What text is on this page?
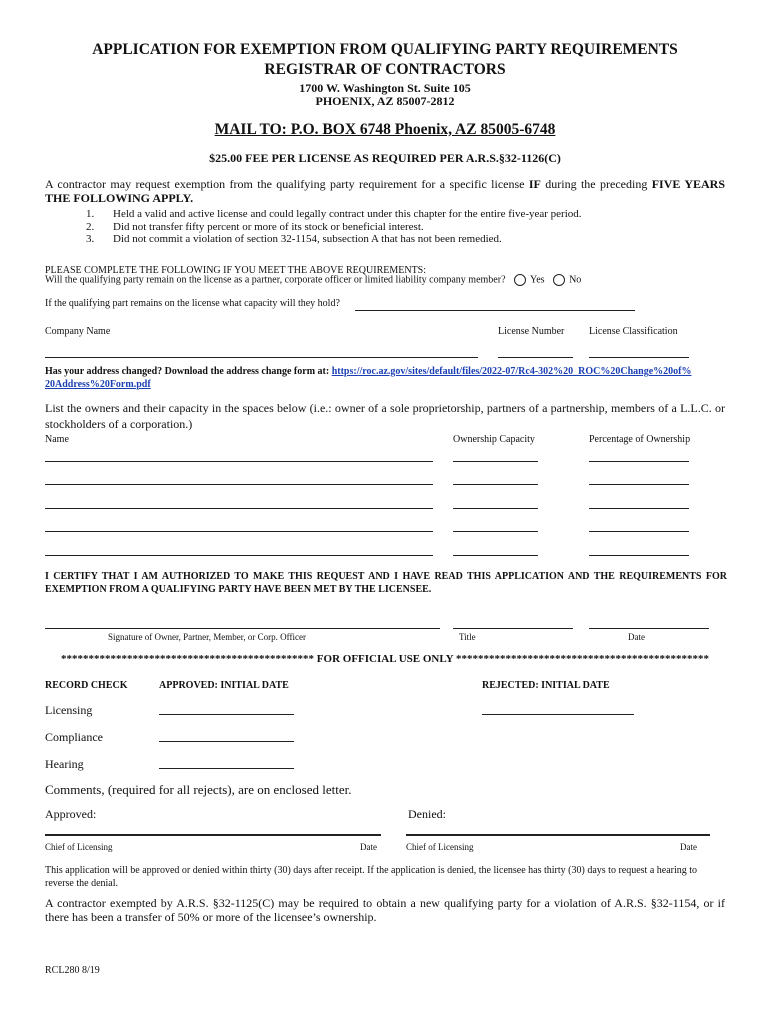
APPLICATION FOR EXEMPTION FROM QUALIFYING PARTY REQUIREMENTS
REGISTRAR OF CONTRACTORS
1700 W. Washington St. Suite 105
PHOENIX, AZ 85007-2812
MAIL TO: P.O. BOX 6748 Phoenix, AZ 85005-6748
$25.00 FEE PER LICENSE AS REQUIRED PER A.R.S.§32-1126(C)
A contractor may request exemption from the qualifying party requirement for a specific license IF during the preceding FIVE YEARS THE FOLLOWING APPLY.
1.	Held a valid and active license and could legally contract under this chapter for the entire five-year period.
2.	Did not transfer fifty percent or more of its stock or beneficial interest.
3.	Did not commit a violation of section 32-1154, subsection A that has not been remedied.
PLEASE COMPLETE THE FOLLOWING IF YOU MEET THE ABOVE REQUIREMENTS:
Will the qualifying party remain on the license as a partner, corporate officer or limited liability company member? Yes No
If the qualifying part remains on the license what capacity will they hold?
Company Name	License Number License Classification
Has your address changed? Download the address change form at: https://roc.az.gov/sites/default/files/2022-07/Rc4-302%20_ROC%20Change%20of%
20Address%20Form.pdf
List the owners and their capacity in the spaces below (i.e.: owner of a sole proprietorship, partners of a partnership, members of a L.L.C. or stockholders of a corporation.)
Name	Ownership Capacity	Percentage of Ownership
I CERTIFY THAT I AM AUTHORIZED TO MAKE THIS REQUEST AND I HAVE READ THIS APPLICATION AND THE REQUIREMENTS FOR EXEMPTION FROM A QUALIFYING PARTY HAVE BEEN MET BY THE LICENSEE.
Signature of Owner, Partner, Member, or Corp. Officer	Title	Date
********************************************** FOR OFFICIAL USE ONLY **********************************************
RECORD CHECK	APPROVED: INITIAL DATE	REJECTED: INITIAL DATE
Licensing
Compliance
Hearing
Comments, (required for all rejects), are on enclosed letter.
Approved:	Denied:
Chief of Licensing	Date	Chief of Licensing	Date
This application will be approved or denied within thirty (30) days after receipt. If the application is denied, the licensee has thirty (30) days to request a hearing to reverse the denial.
A contractor exempted by A.R.S. §32-1125(C) may be required to obtain a new qualifying party for a violation of A.R.S. §32-1154, or if there has been a transfer of 50% or more of the licensee’s ownership.
RCL280 8/19
